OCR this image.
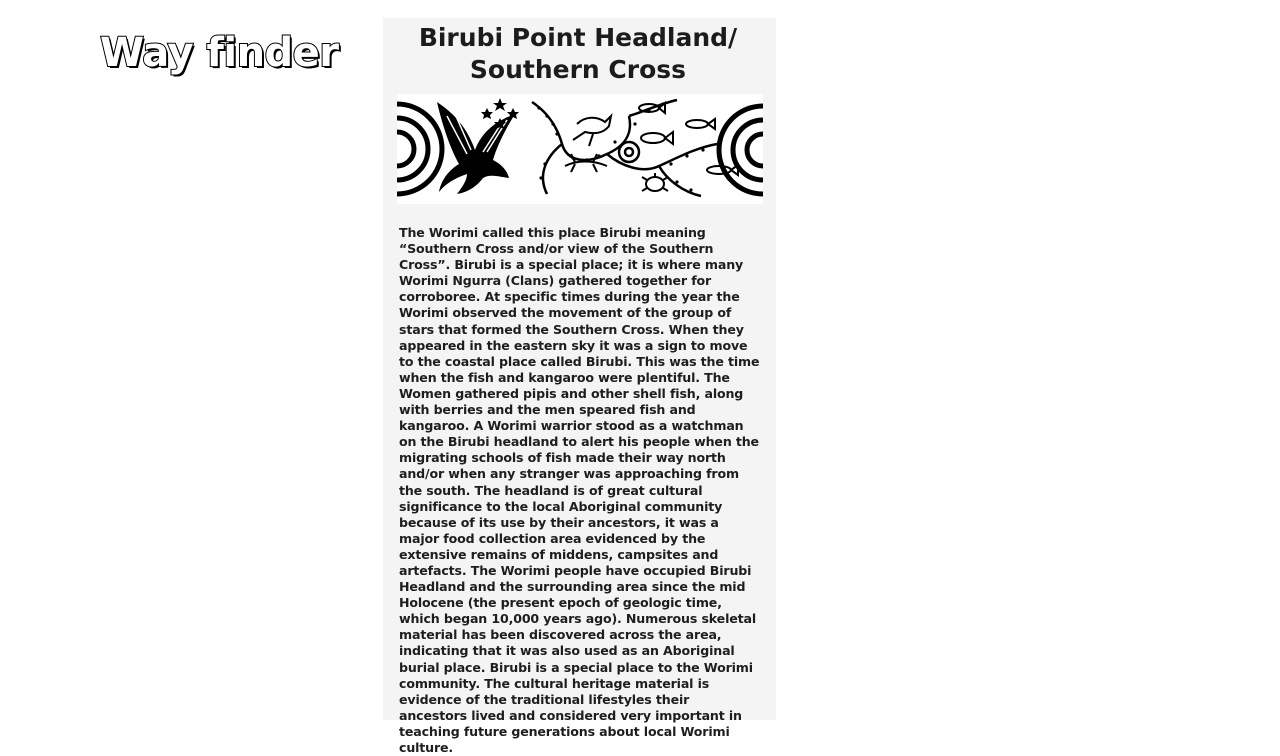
Way finder	Birubi Point Headland/
Southern Cross

The Worimi called this place Birubi meaning “Southern Cross and/or view of the Southern Cross”. Birubi is a special place; it is where many Worimi Ngurra (Clans) gathered together for corroboree. At specific times during the year the Worimi observed the movement of the group of stars that formed the Southern Cross. When they appeared in the eastern sky it was a sign to move to the coastal place called Birubi. This was the time when the fish and kangaroo were plentiful. The Women gathered pipis and other shell fish, along with berries and the men speared fish and kangaroo. A Worimi warrior stood as a watchman on the Birubi headland to alert his people when the migrating schools of fish made their way north and/or when any stranger was approaching from the south. The headland is of great cultural significance to the local Aboriginal community because of its use by their ancestors, it was a major food collection area evidenced by the extensive remains of middens, campsites and artefacts. The Worimi people have occupied Birubi Headland and the surrounding area since the mid Holocene (the present epoch of geologic time, which began 10,000 years ago). Numerous skeletal material has been discovered across the area, indicating that it was also used as an Aboriginal burial place. Birubi is a special place to the Worimi community. The cultural heritage material is evidence of the traditional lifestyles their ancestors lived and considered very important in teaching future generations about local Worimi culture.
